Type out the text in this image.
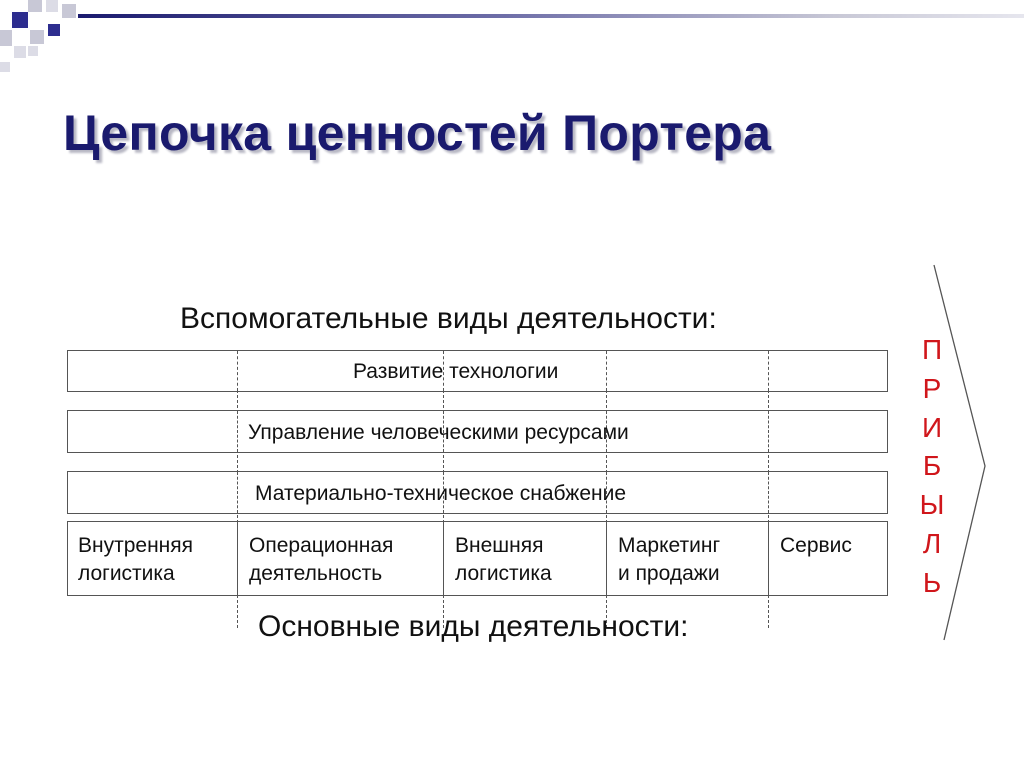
Цепочка ценностей Портера
Вспомогательные виды деятельности:
Развитие технологии
Управление человеческими ресурсами
Материально-техническое снабжение
Внутренняя
логистика
Операционная
деятельность
Внешняя
логистика
Маркетинг
и продажи
Сервис
Основные виды деятельности:
П
Р
И
Б
Ы
Л
Ь
